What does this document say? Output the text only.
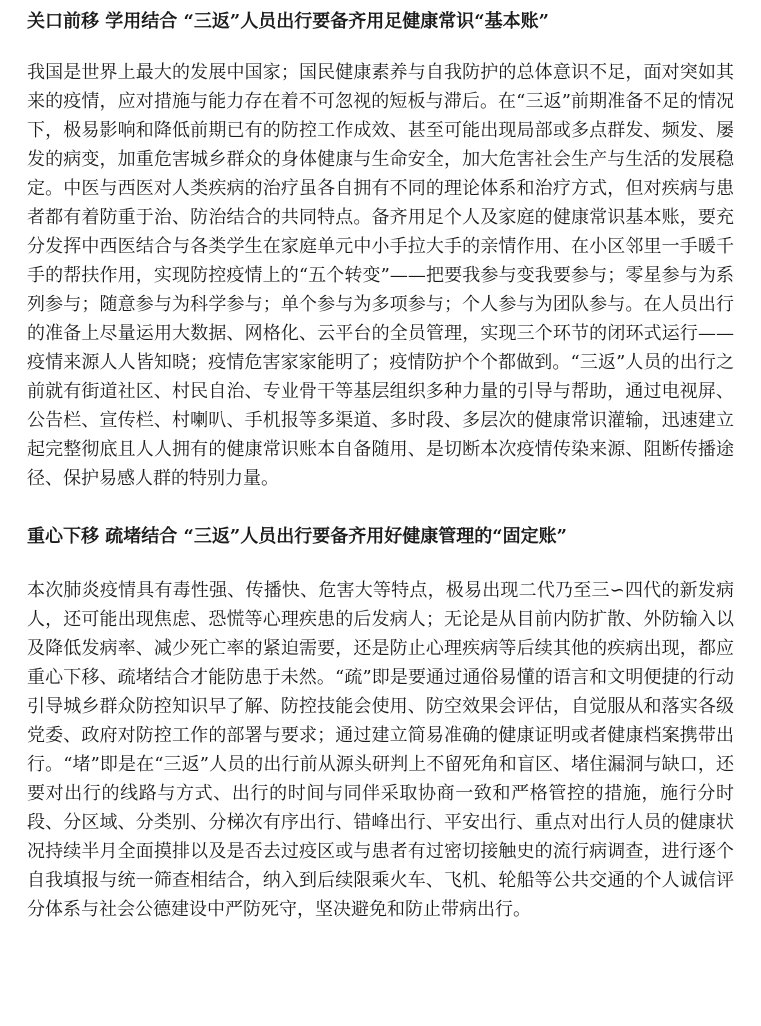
关口前移 学用结合 “三返”人员出行要备齐用足健康常识“基本账”

我国是世界上最大的发展中国家；国民健康素养与自我防护的总体意识不足，面对突如其来的疫情，应对措施与能力存在着不可忽视的短板与滞后。在“三返”前期准备不足的情况下，极易影响和降低前期已有的防控工作成效、甚至可能出现局部或多点群发、频发、屡发的病变，加重危害城乡群众的身体健康与生命安全，加大危害社会生产与生活的发展稳定。中医与西医对人类疾病的治疗虽各自拥有不同的理论体系和治疗方式，但对疾病与患者都有着防重于治、防治结合的共同特点。备齐用足个人及家庭的健康常识基本账，要充分发挥中西医结合与各类学生在家庭单元中小手拉大手的亲情作用、在小区邻里一手暖千手的帮扶作用，实现防控疫情上的“五个转变”——把要我参与变我要参与；零星参与为系列参与；随意参与为科学参与；单个参与为多项参与；个人参与为团队参与。在人员出行的准备上尽量运用大数据、网格化、云平台的全员管理，实现三个环节的闭环式运行——疫情来源人人皆知晓；疫情危害家家能明了；疫情防护个个都做到。“三返”人员的出行之前就有街道社区、村民自治、专业骨干等基层组织多种力量的引导与帮助，通过电视屏、公告栏、宣传栏、村喇叭、手机报等多渠道、多时段、多层次的健康常识灌输，迅速建立起完整彻底且人人拥有的健康常识账本自备随用、是切断本次疫情传染来源、阻断传播途径、保护易感人群的特别力量。

重心下移 疏堵结合 “三返”人员出行要备齐用好健康管理的“固定账”

本次肺炎疫情具有毒性强、传播快、危害大等特点，极易出现二代乃至三∽四代的新发病人，还可能出现焦虑、恐慌等心理疾患的后发病人；无论是从目前内防扩散、外防输入以及降低发病率、减少死亡率的紧迫需要，还是防止心理疾病等后续其他的疾病出现，都应重心下移、疏堵结合才能防患于未然。“疏”即是要通过通俗易懂的语言和文明便捷的行动引导城乡群众防控知识早了解、防控技能会使用、防空效果会评估，自觉服从和落实各级党委、政府对防控工作的部署与要求；通过建立简易准确的健康证明或者健康档案携带出行。“堵”即是在“三返”人员的出行前从源头研判上不留死角和盲区、堵住漏洞与缺口，还要对出行的线路与方式、出行的时间与同伴采取协商一致和严格管控的措施，施行分时段、分区域、分类别、分梯次有序出行、错峰出行、平安出行、重点对出行人员的健康状况持续半月全面摸排以及是否去过疫区或与患者有过密切接触史的流行病调查，进行逐个自我填报与统一筛查相结合，纳入到后续限乘火车、飞机、轮船等公共交通的个人诚信评分体系与社会公德建设中严防死守，坚决避免和防止带病出行。
